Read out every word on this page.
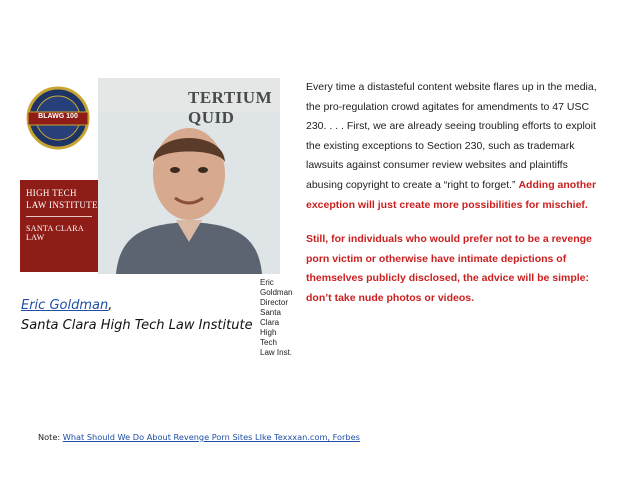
Eric Goldman
Director Santa Clara High Tech Law Inst.
TERTIUM QUID
BLAWG 100
HIGH TECH
LAW INSTITUTE
SANTA CLARA LAW
Eric Goldman,
Santa Clara High Tech Law Institute

Every time a distasteful content website flares up in the media, the pro-regulation crowd agitates for amendments to 47 USC 230. . . . First, we are already seeing troubling efforts to exploit the existing exceptions to Section 230, such as trademark lawsuits against consumer review websites and plaintiffs abusing copyright to create a “right to forget.” Adding another exception will just create more possibilities for mischief.

Still, for individuals who would prefer not to be a revenge porn victim or otherwise have intimate depictions of themselves publicly disclosed, the advice will be simple: don’t take nude photos or videos.

Note: What Should We Do About Revenge Porn Sites LIke Texxxan.com, Forbes
